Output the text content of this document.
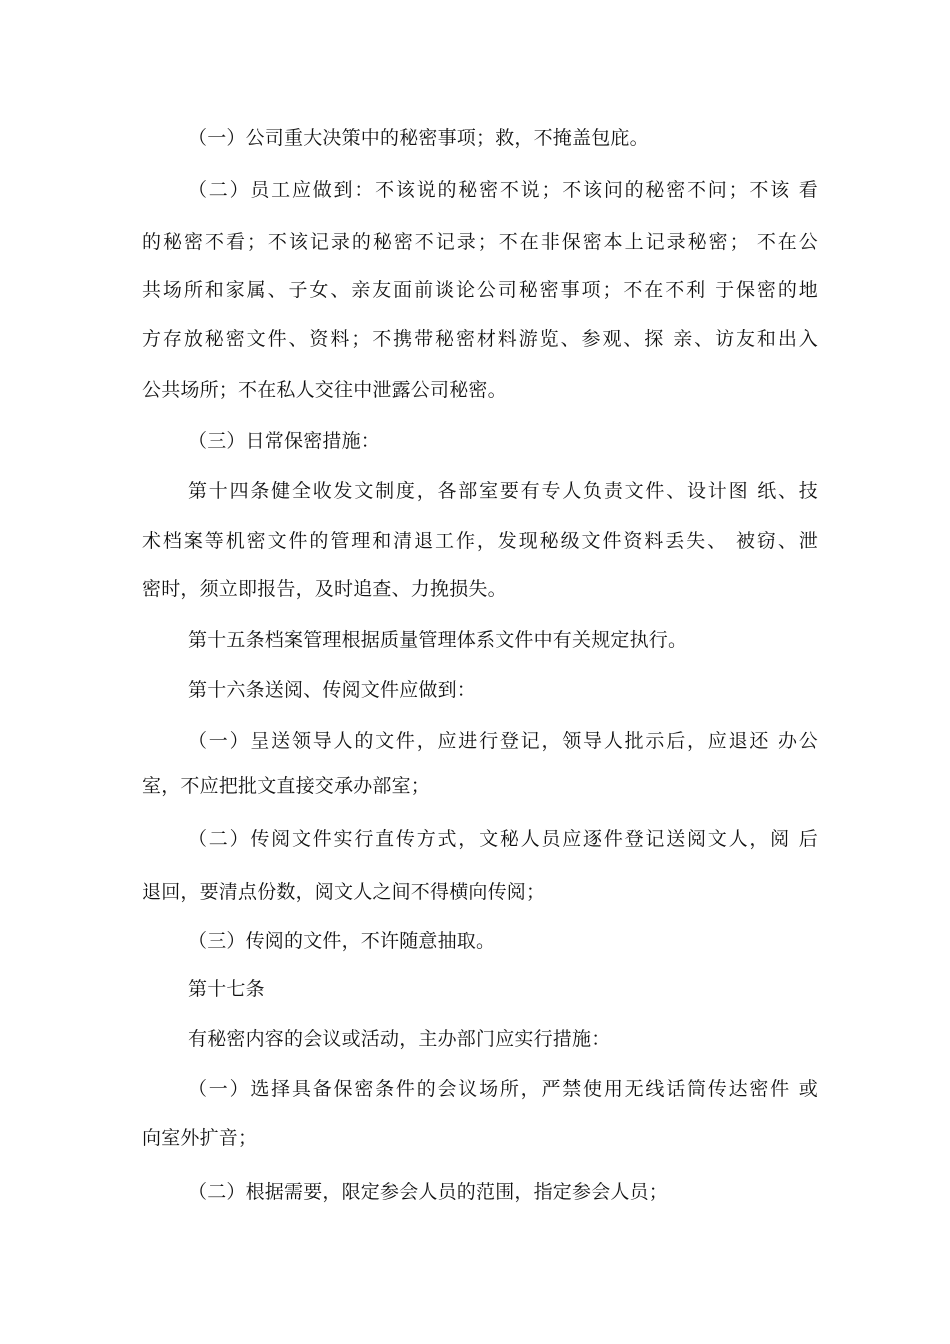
（一）公司重大决策中的秘密事项；救，不掩盖包庇。
（二）员工应做到：不该说的秘密不说；不该问的秘密不问；不该 看
的秘密不看；不该记录的秘密不记录；不在非保密本上记录秘密； 不在公
共场所和家属、子女、亲友面前谈论公司秘密事项；不在不利 于保密的地
方存放秘密文件、资料；不携带秘密材料游览、参观、探 亲、访友和出入
公共场所；不在私人交往中泄露公司秘密。
（三）日常保密措施：
第十四条健全收发文制度，各部室要有专人负责文件、设计图 纸、技
术档案等机密文件的管理和清退工作，发现秘级文件资料丢失、 被窃、泄
密时，须立即报告，及时追查、力挽损失。
第十五条档案管理根据质量管理体系文件中有关规定执行。
第十六条送阅、传阅文件应做到：
（一）呈送领导人的文件，应进行登记，领导人批示后，应退还 办公
室，不应把批文直接交承办部室；
（二）传阅文件实行直传方式，文秘人员应逐件登记送阅文人，阅 后
退回，要清点份数，阅文人之间不得横向传阅；
（三）传阅的文件，不许随意抽取。
第十七条
有秘密内容的会议或活动，主办部门应实行措施：
（一）选择具备保密条件的会议场所，严禁使用无线话筒传达密件 或
向室外扩音；
（二）根据需要，限定参会人员的范围，指定参会人员；
